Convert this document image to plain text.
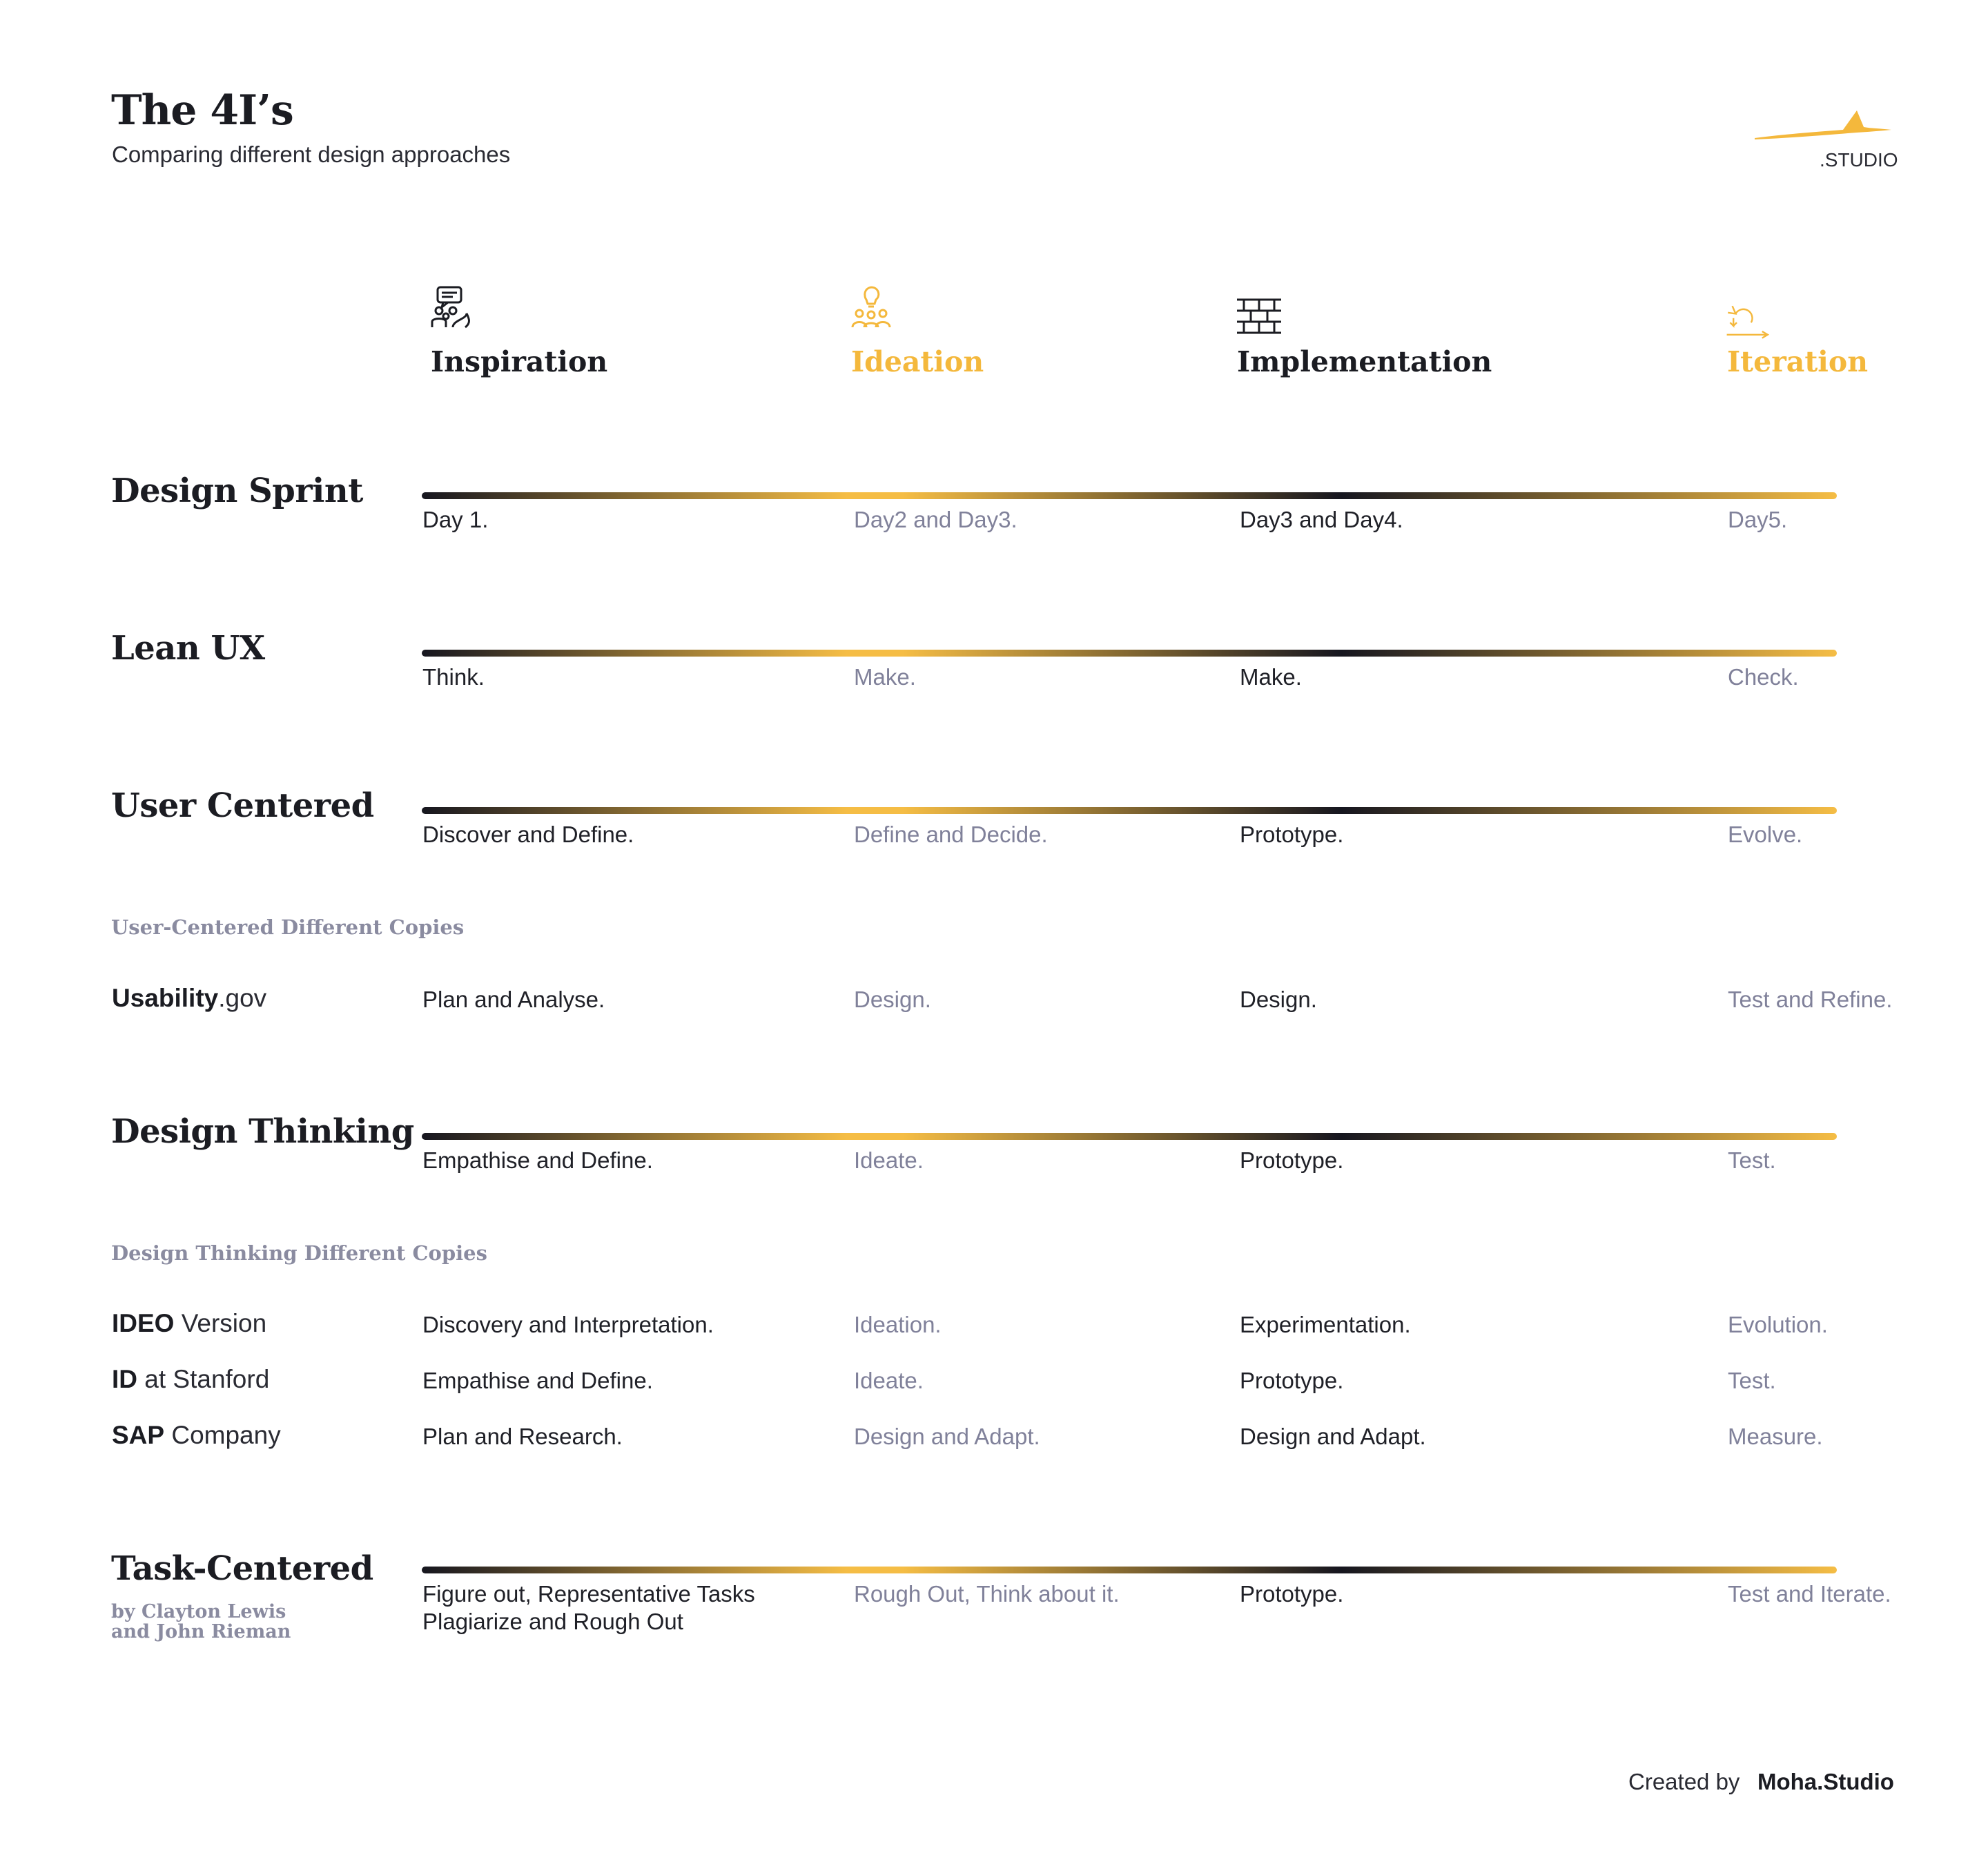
The 4I’s
Comparing different design approaches	.STUDIO
Inspiration	Ideation	Implementation	Iteration
Design Sprint
Day 1.	Day2 and Day3.	Day3 and Day4.	Day5.
Lean UX
Think.	Make.	Make.	Check.
User Centered
Discover and Define.	Define and Decide.	Prototype.	Evolve.
User-Centered Different Copies
Usability.gov	Plan and Analyse.	Design.	Design.	Test and Refine.
Design Thinking
Empathise and Define.	Ideate.	Prototype.	Test.
Design Thinking Different Copies
IDEO Version	Discovery and Interpretation.	Ideation.	Experimentation.	Evolution.
ID at Stanford	Empathise and Define.	Ideate.	Prototype.	Test.
SAP Company	Plan and Research.	Design and Adapt.	Design and Adapt.	Measure.
Task-Centered
by Clayton Lewis
and John Rieman
Figure out, Representative Tasks
Plagiarize and Rough Out
Rough Out, Think about it.	Prototype.	Test and Iterate.
Created by Moha.Studio
